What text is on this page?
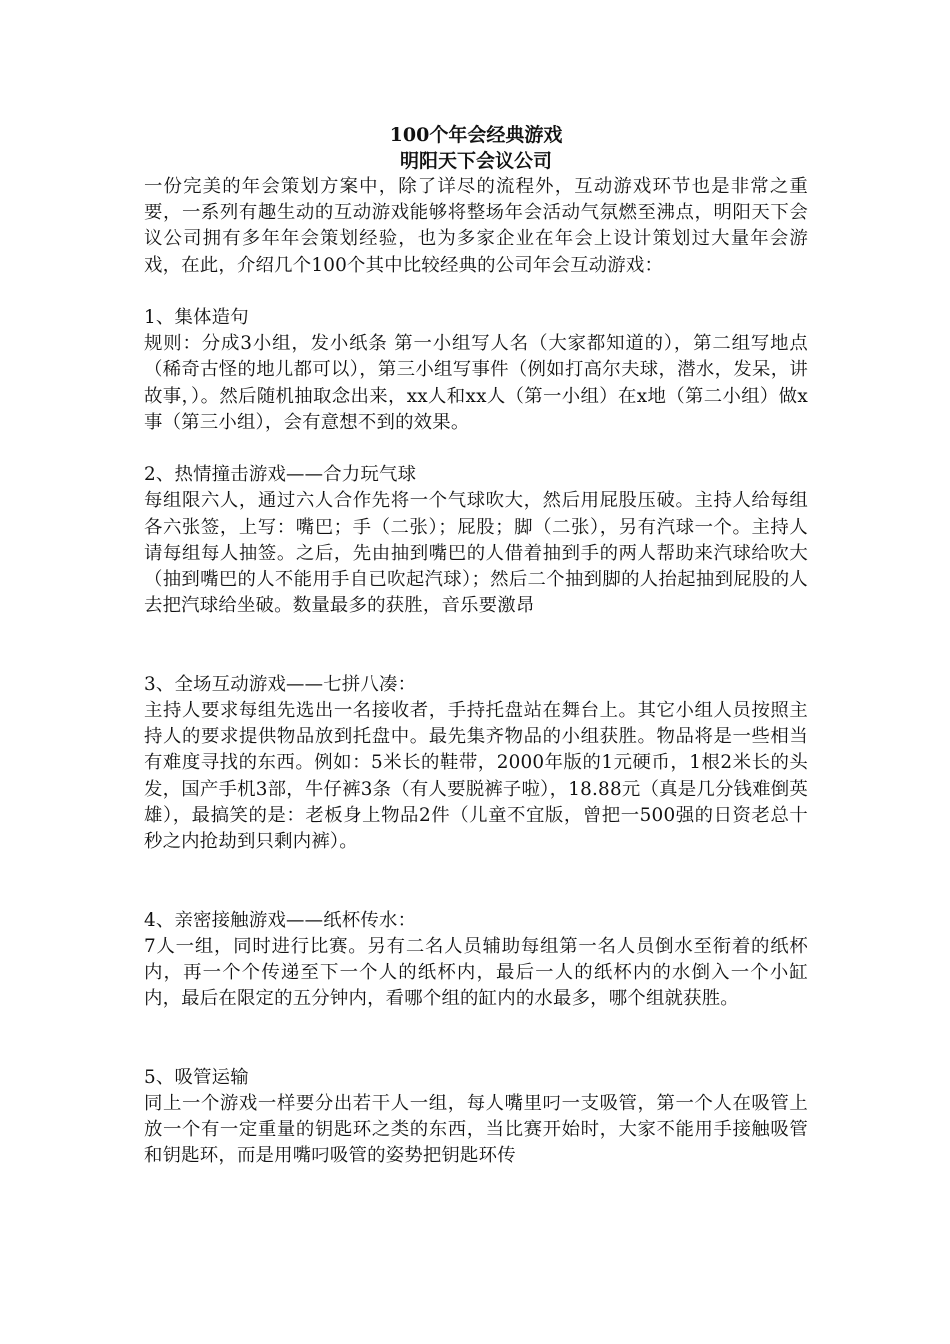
100个年会经典游戏

明阳天下会议公司

一份完美的年会策划方案中，除了详尽的流程外，互动游戏环节也是非常之重要，一系列有趣生动的互动游戏能够将整场年会活动气氛燃至沸点，明阳天下会议公司拥有多年年会策划经验，也为多家企业在年会上设计策划过大量年会游戏，在此，介绍几个100个其中比较经典的公司年会互动游戏：

1、集体造句

规则：分成3小组，发小纸条 第一小组写人名（大家都知道的），第二组写地点（稀奇古怪的地儿都可以），第三小组写事件（例如打高尔夫球，潜水，发呆，讲故事，）。然后随机抽取念出来，xx人和xx人（第一小组）在x地（第二小组）做x事（第三小组），会有意想不到的效果。

2、热情撞击游戏——合力玩气球

每组限六人，通过六人合作先将一个气球吹大，然后用屁股压破。主持人给每组各六张签，上写：嘴巴；手（二张）；屁股；脚（二张），另有汽球一个。主持人请每组每人抽签。之后，先由抽到嘴巴的人借着抽到手的两人帮助来汽球给吹大（抽到嘴巴的人不能用手自已吹起汽球）；然后二个抽到脚的人抬起抽到屁股的人去把汽球给坐破。数量最多的获胜，音乐要激昂

3、全场互动游戏——七拼八凑：

主持人要求每组先选出一名接收者，手持托盘站在舞台上。其它小组人员按照主持人的要求提供物品放到托盘中。最先集齐物品的小组获胜。物品将是一些相当有难度寻找的东西。例如：5米长的鞋带，2000年版的1元硬币，1根2米长的头发，国产手机3部，牛仔裤3条（有人要脱裤子啦），18.88元（真是几分钱难倒英雄），最搞笑的是：老板身上物品2件（儿童不宜版，曾把一500强的日资老总十秒之内抢劫到只剩内裤）。

4、亲密接触游戏——纸杯传水：

7人一组，同时进行比赛。另有二名人员辅助每组第一名人员倒水至衔着的纸杯内，再一个个传递至下一个人的纸杯内，最后一人的纸杯内的水倒入一个小缸内，最后在限定的五分钟内，看哪个组的缸内的水最多，哪个组就获胜。

5、吸管运输

同上一个游戏一样要分出若干人一组，每人嘴里叼一支吸管，第一个人在吸管上放一个有一定重量的钥匙环之类的东西，当比赛开始时，大家不能用手接触吸管和钥匙环，而是用嘴叼吸管的姿势把钥匙环传
